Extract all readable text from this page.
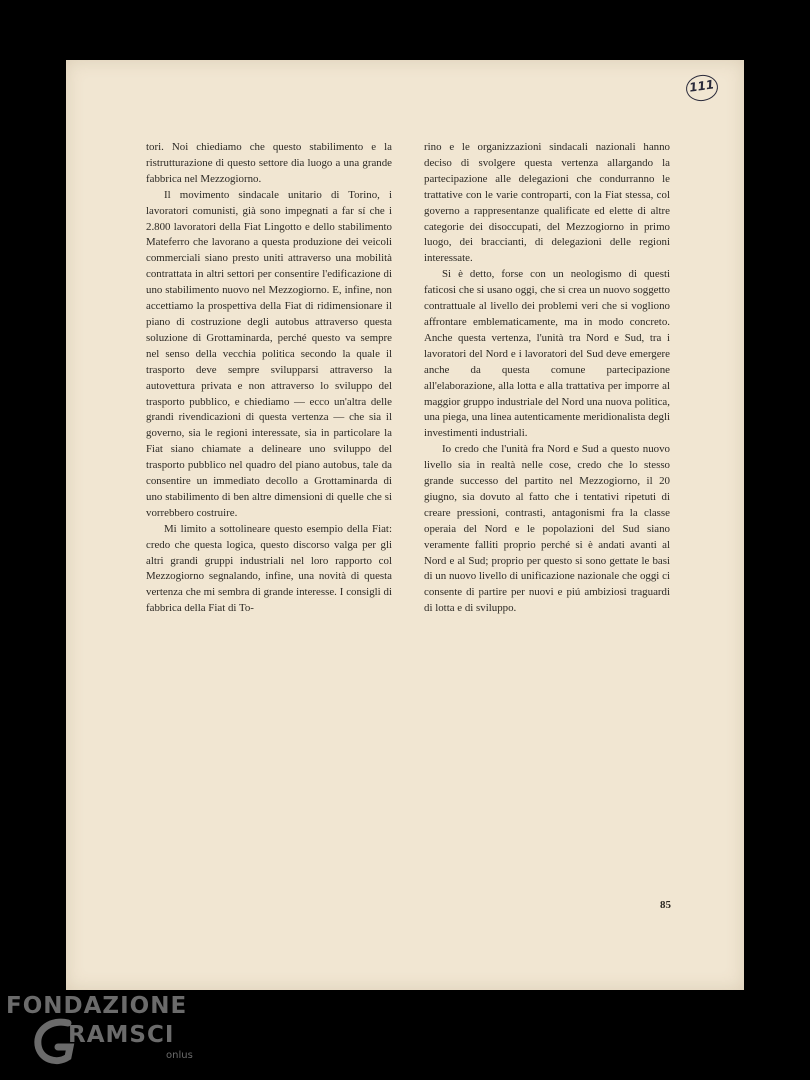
111

tori. Noi chiediamo che questo stabilimento e la ristrutturazione di questo settore dia luogo a una grande fabbrica nel Mezzogiorno.

Il movimento sindacale unitario di Torino, i lavoratori comunisti, già sono impegnati a far sí che i 2.800 lavoratori della Fiat Lingotto e dello stabilimento Mateferro che lavorano a questa produzione dei veicoli commerciali siano presto uniti attraverso una mobilità contrattata in altri settori per consentire l'edificazione di uno stabilimento nuovo nel Mezzogiorno. E, infine, non accettiamo la prospettiva della Fiat di ridimensionare il piano di costruzione degli autobus attraverso questa soluzione di Grottaminarda, perché questo va sempre nel senso della vecchia politica secondo la quale il trasporto deve sempre svilupparsi attraverso la autovettura privata e non attraverso lo sviluppo del trasporto pubblico, e chiediamo — ecco un'altra delle grandi rivendicazioni di questa vertenza — che sia il governo, sia le regioni interessate, sia in particolare la Fiat siano chiamate a delineare uno sviluppo del trasporto pubblico nel quadro del piano autobus, tale da consentire un immediato decollo a Grottaminarda di uno stabilimento di ben altre dimensioni di quelle che si vorrebbero costruire.

Mi limito a sottolineare questo esempio della Fiat: credo che questa logica, questo discorso valga per gli altri grandi gruppi industriali nel loro rapporto col Mezzogiorno segnalando, infine, una novità di questa vertenza che mi sembra di grande interesse. I consigli di fabbrica della Fiat di To-

rino e le organizzazioni sindacali nazionali hanno deciso di svolgere questa vertenza allargando la partecipazione alle delegazioni che condurranno le trattative con le varie controparti, con la Fiat stessa, col governo a rappresentanze qualificate ed elette di altre categorie dei disoccupati, del Mezzogiorno in primo luogo, dei braccianti, di delegazioni delle regioni interessate.

Si è detto, forse con un neologismo di questi faticosi che si usano oggi, che si crea un nuovo soggetto contrattuale al livello dei problemi veri che si vogliono affrontare emblematicamente, ma in modo concreto. Anche questa vertenza, l'unità tra Nord e Sud, tra i lavoratori del Nord e i lavoratori del Sud deve emergere anche da questa comune partecipazione all'elaborazione, alla lotta e alla trattativa per imporre al maggior gruppo industriale del Nord una nuova politica, una piega, una linea autenticamente meridionalista degli investimenti industriali.

Io credo che l'unità fra Nord e Sud a questo nuovo livello sia in realtà nelle cose, credo che lo stesso grande successo del partito nel Mezzogiorno, il 20 giugno, sia dovuto al fatto che i tentativi ripetuti di creare pressioni, contrasti, antagonismi fra la classe operaia del Nord e le popolazioni del Sud siano veramente falliti proprio perché si è andati avanti al Nord e al Sud; proprio per questo si sono gettate le basi di un nuovo livello di unificazione nazionale che oggi ci consente di partire per nuovi e piú ambiziosi traguardi di lotta e di sviluppo.

85
FONDAZIONE
RAMSCI
onlus
